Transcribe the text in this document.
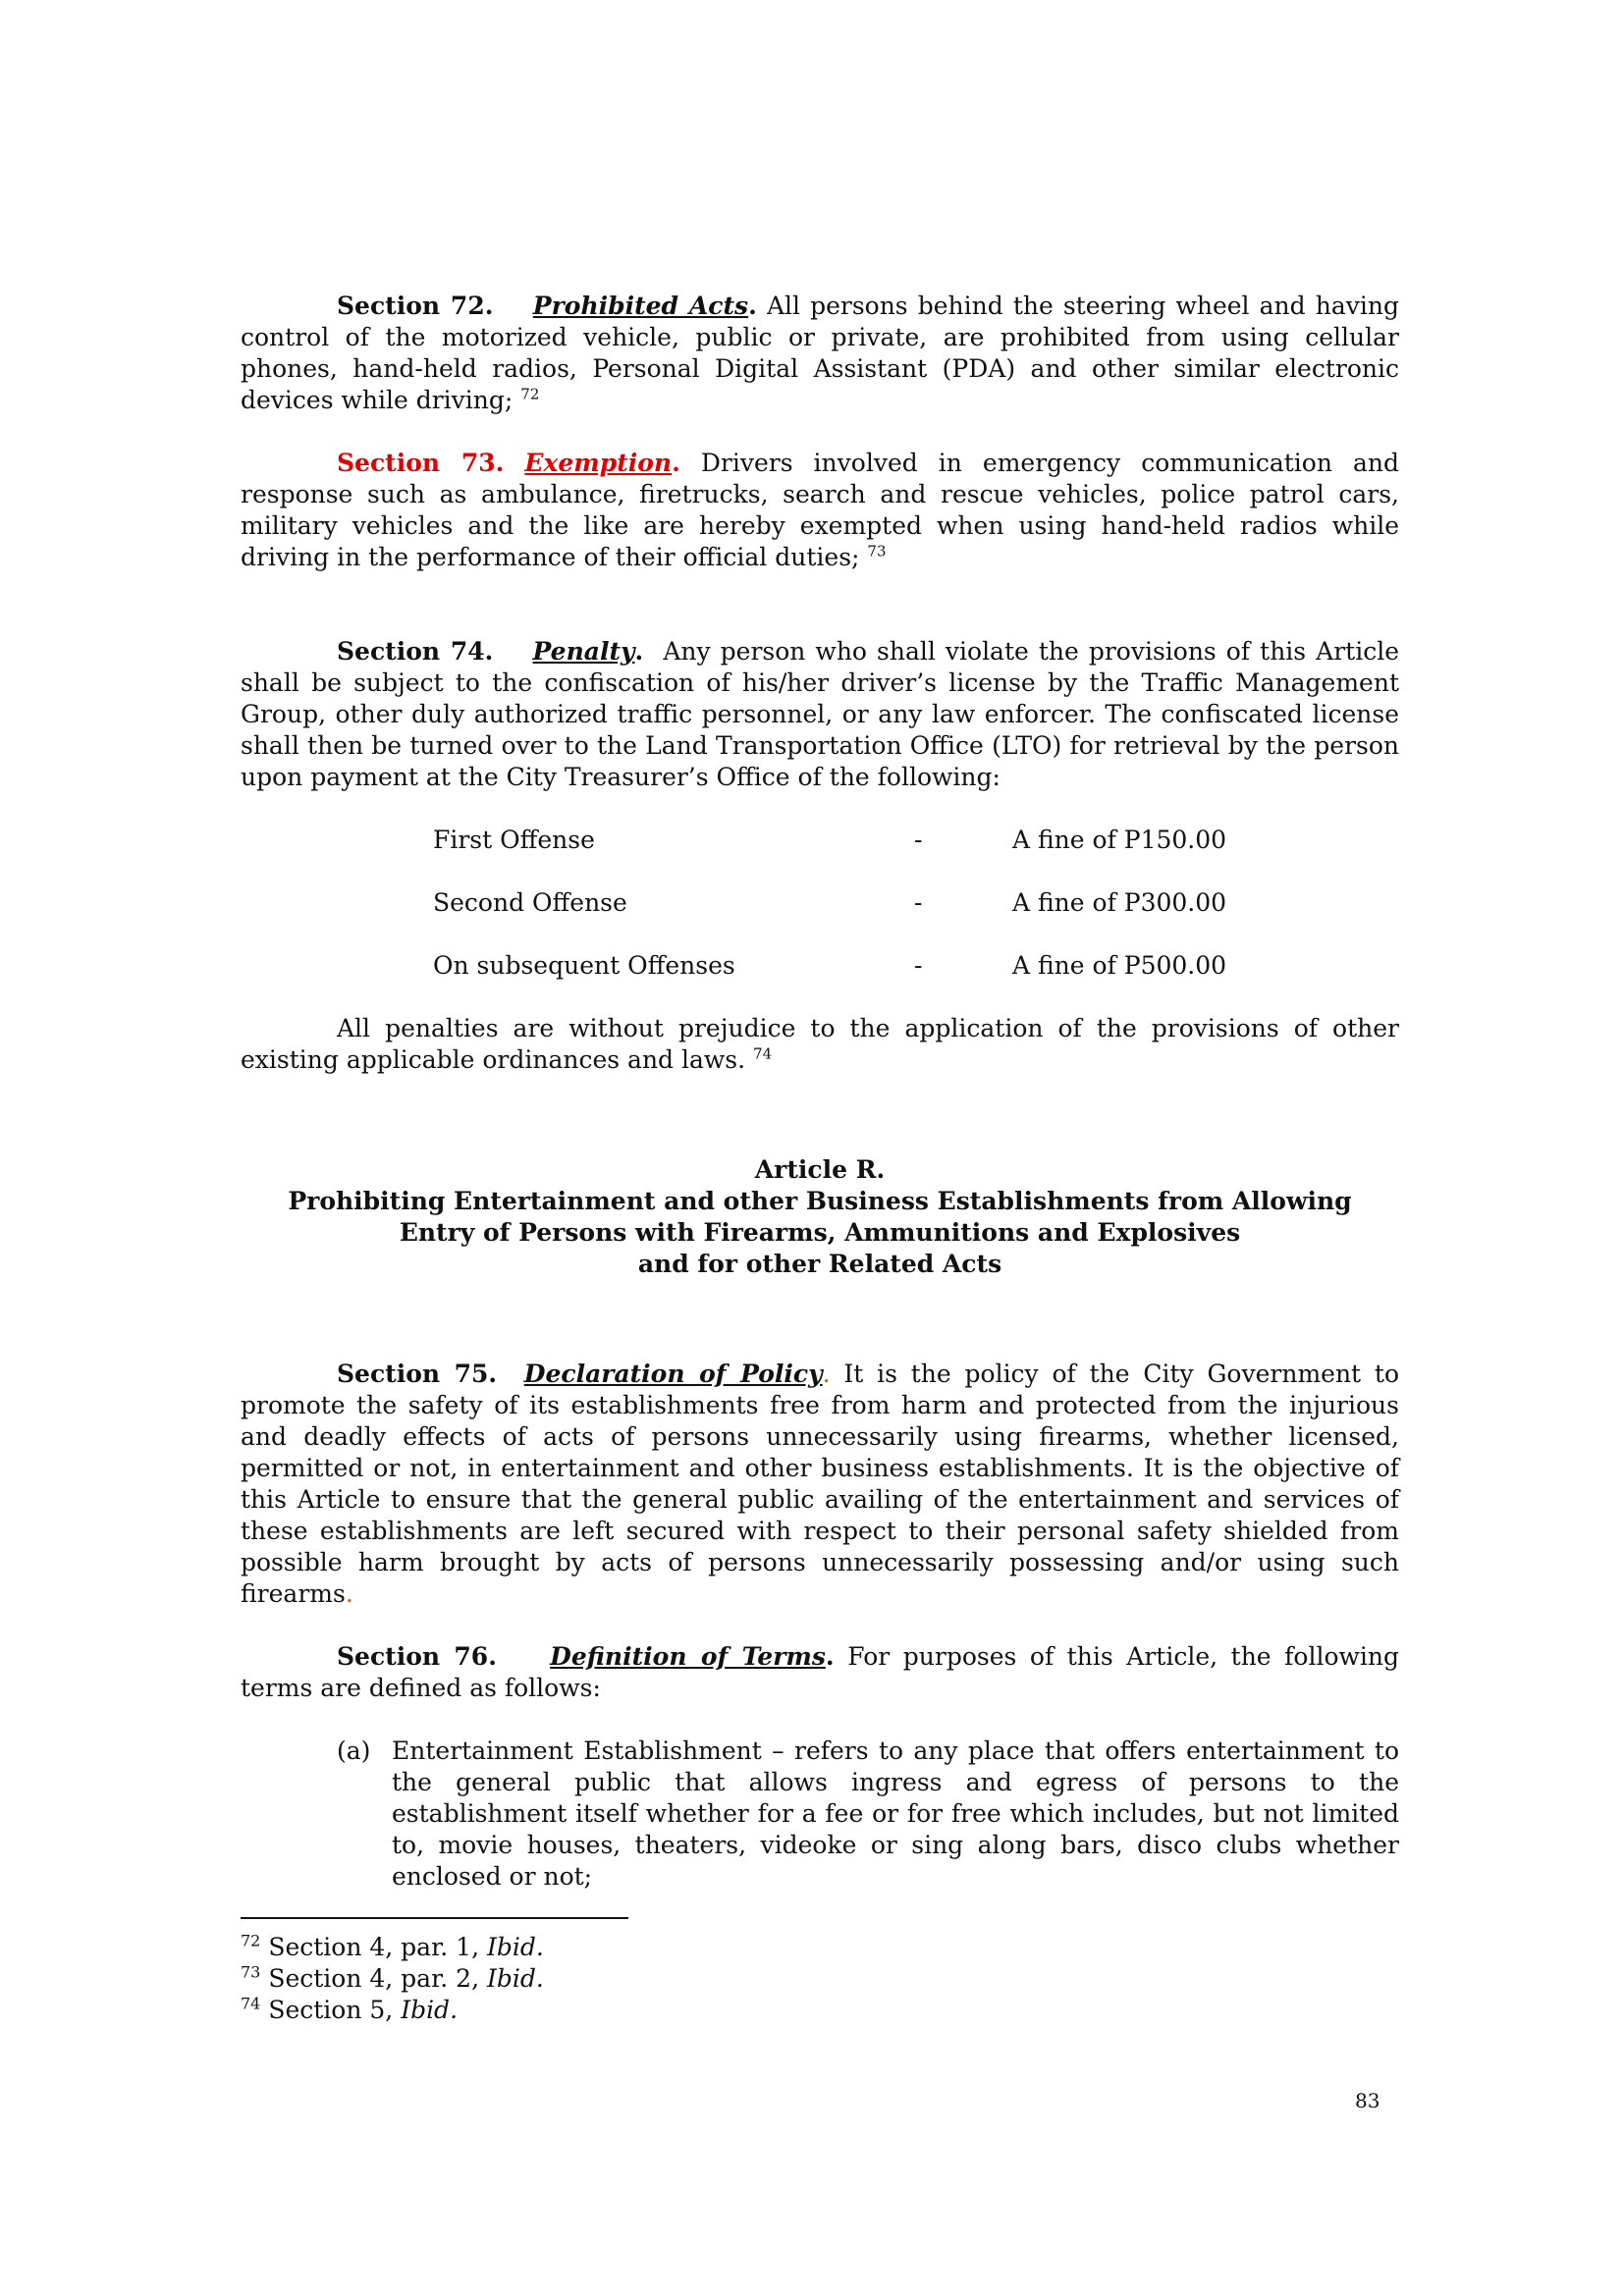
Section 72. Prohibited Acts. All persons behind the steering wheel and having control of the motorized vehicle, public or private, are prohibited from using cellular phones, hand-held radios, Personal Digital Assistant (PDA) and other similar electronic devices while driving; $^{72}$

Section 73. Exemption. Drivers involved in emergency communication and response such as ambulance, firetrucks, search and rescue vehicles, police patrol cars, military vehicles and the like are hereby exempted when using hand-held radios while driving in the performance of their official duties; $^{73}$

Section 74. Penalty. Any person who shall violate the provisions of this Article shall be subject to the confiscation of his/her driver’s license by the Traffic Management Group, other duly authorized traffic personnel, or any law enforcer. The confiscated license shall then be turned over to the Land Transportation Office (LTO) for retrieval by the person upon payment at the City Treasurer’s Office of the following:

First Offense	-	A fine of P150.00
Second Offense	-	A fine of P300.00
On subsequent Offenses	-	A fine of P500.00

All penalties are without prejudice to the application of the provisions of other existing applicable ordinances and laws. $^{74}$

Article R.
Prohibiting Entertainment and other Business Establishments from Allowing
Entry of Persons with Firearms, Ammunitions and Explosives
and for other Related Acts

Section 75. Declaration of Policy. It is the policy of the City Government to promote the safety of its establishments free from harm and protected from the injurious and deadly effects of acts of persons unnecessarily using firearms, whether licensed, permitted or not, in entertainment and other business establishments. It is the objective of this Article to ensure that the general public availing of the entertainment and services of these establishments are left secured with respect to their personal safety shielded from possible harm brought by acts of persons unnecessarily possessing and/or using such firearms.

Section 76. Definition of Terms. For purposes of this Article, the following terms are defined as follows:

(a) Entertainment Establishment – refers to any place that offers entertainment to the general public that allows ingress and egress of persons to the establishment itself whether for a fee or for free which includes, but not limited to, movie houses, theaters, videoke or sing along bars, disco clubs whether enclosed or not;

$^{72}$ Section 4, par. 1, Ibid.
$^{73}$ Section 4, par. 2, Ibid.
$^{74}$ Section 5, Ibid.
83
